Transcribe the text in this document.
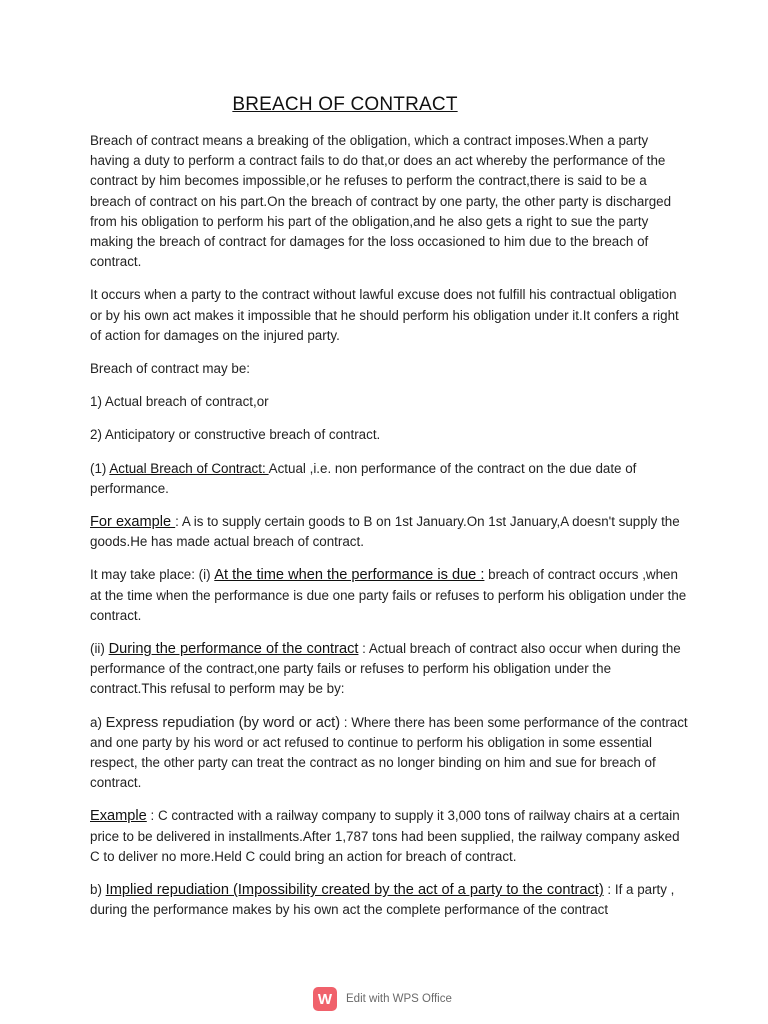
BREACH OF CONTRACT

Breach of contract means a breaking of the obligation, which a contract imposes.When a party having a duty to perform a contract fails to do that,or does an act whereby the performance of the contract by him becomes impossible,or he refuses to perform the contract,there is said to be a breach of contract on his part.On the breach of contract by one party, the other party is discharged from his obligation to perform his part of the obligation,and he also gets a right to sue the party making the breach of contract for damages for the loss occasioned to him due to the breach of contract.

It occurs when a party to the contract without lawful excuse does not fulfill his contractual obligation or by his own act makes it impossible that he should perform his obligation under it.It confers a right of action for damages on the injured party.

Breach of contract may be:

1) Actual breach of contract,or

2) Anticipatory or constructive breach of contract.

(1) Actual Breach of Contract: Actual ,i.e. non performance of the contract on the due date of performance.

For example : A is to supply certain goods to B on 1st January.On 1st January,A doesn't supply the goods.He has made actual breach of contract.

It may take place: (i) At the time when the performance is due : breach of contract occurs ,when at the time when the performance is due one party fails or refuses to perform his obligation under the contract.

(ii) During the performance of the contract : Actual breach of contract also occur when during the performance of the contract,one party fails or refuses to perform his obligation under the contract.This refusal to perform may be by:

a) Express repudiation (by word or act) : Where there has been some performance of the contract and one party by his word or act refused to continue to perform his obligation in some essential respect, the other party can treat the contract as no longer binding on him and sue for breach of contract.

Example : C contracted with a railway company to supply it 3,000 tons of railway chairs at a certain price to be delivered in installments.After 1,787 tons had been supplied, the railway company asked C to deliver no more.Held C could bring an action for breach of contract.

b) Implied repudiation (Impossibility created by the act of a party to the contract) : If a party , during the performance makes by his own act the complete performance of the contract

W	Edit with WPS Office
